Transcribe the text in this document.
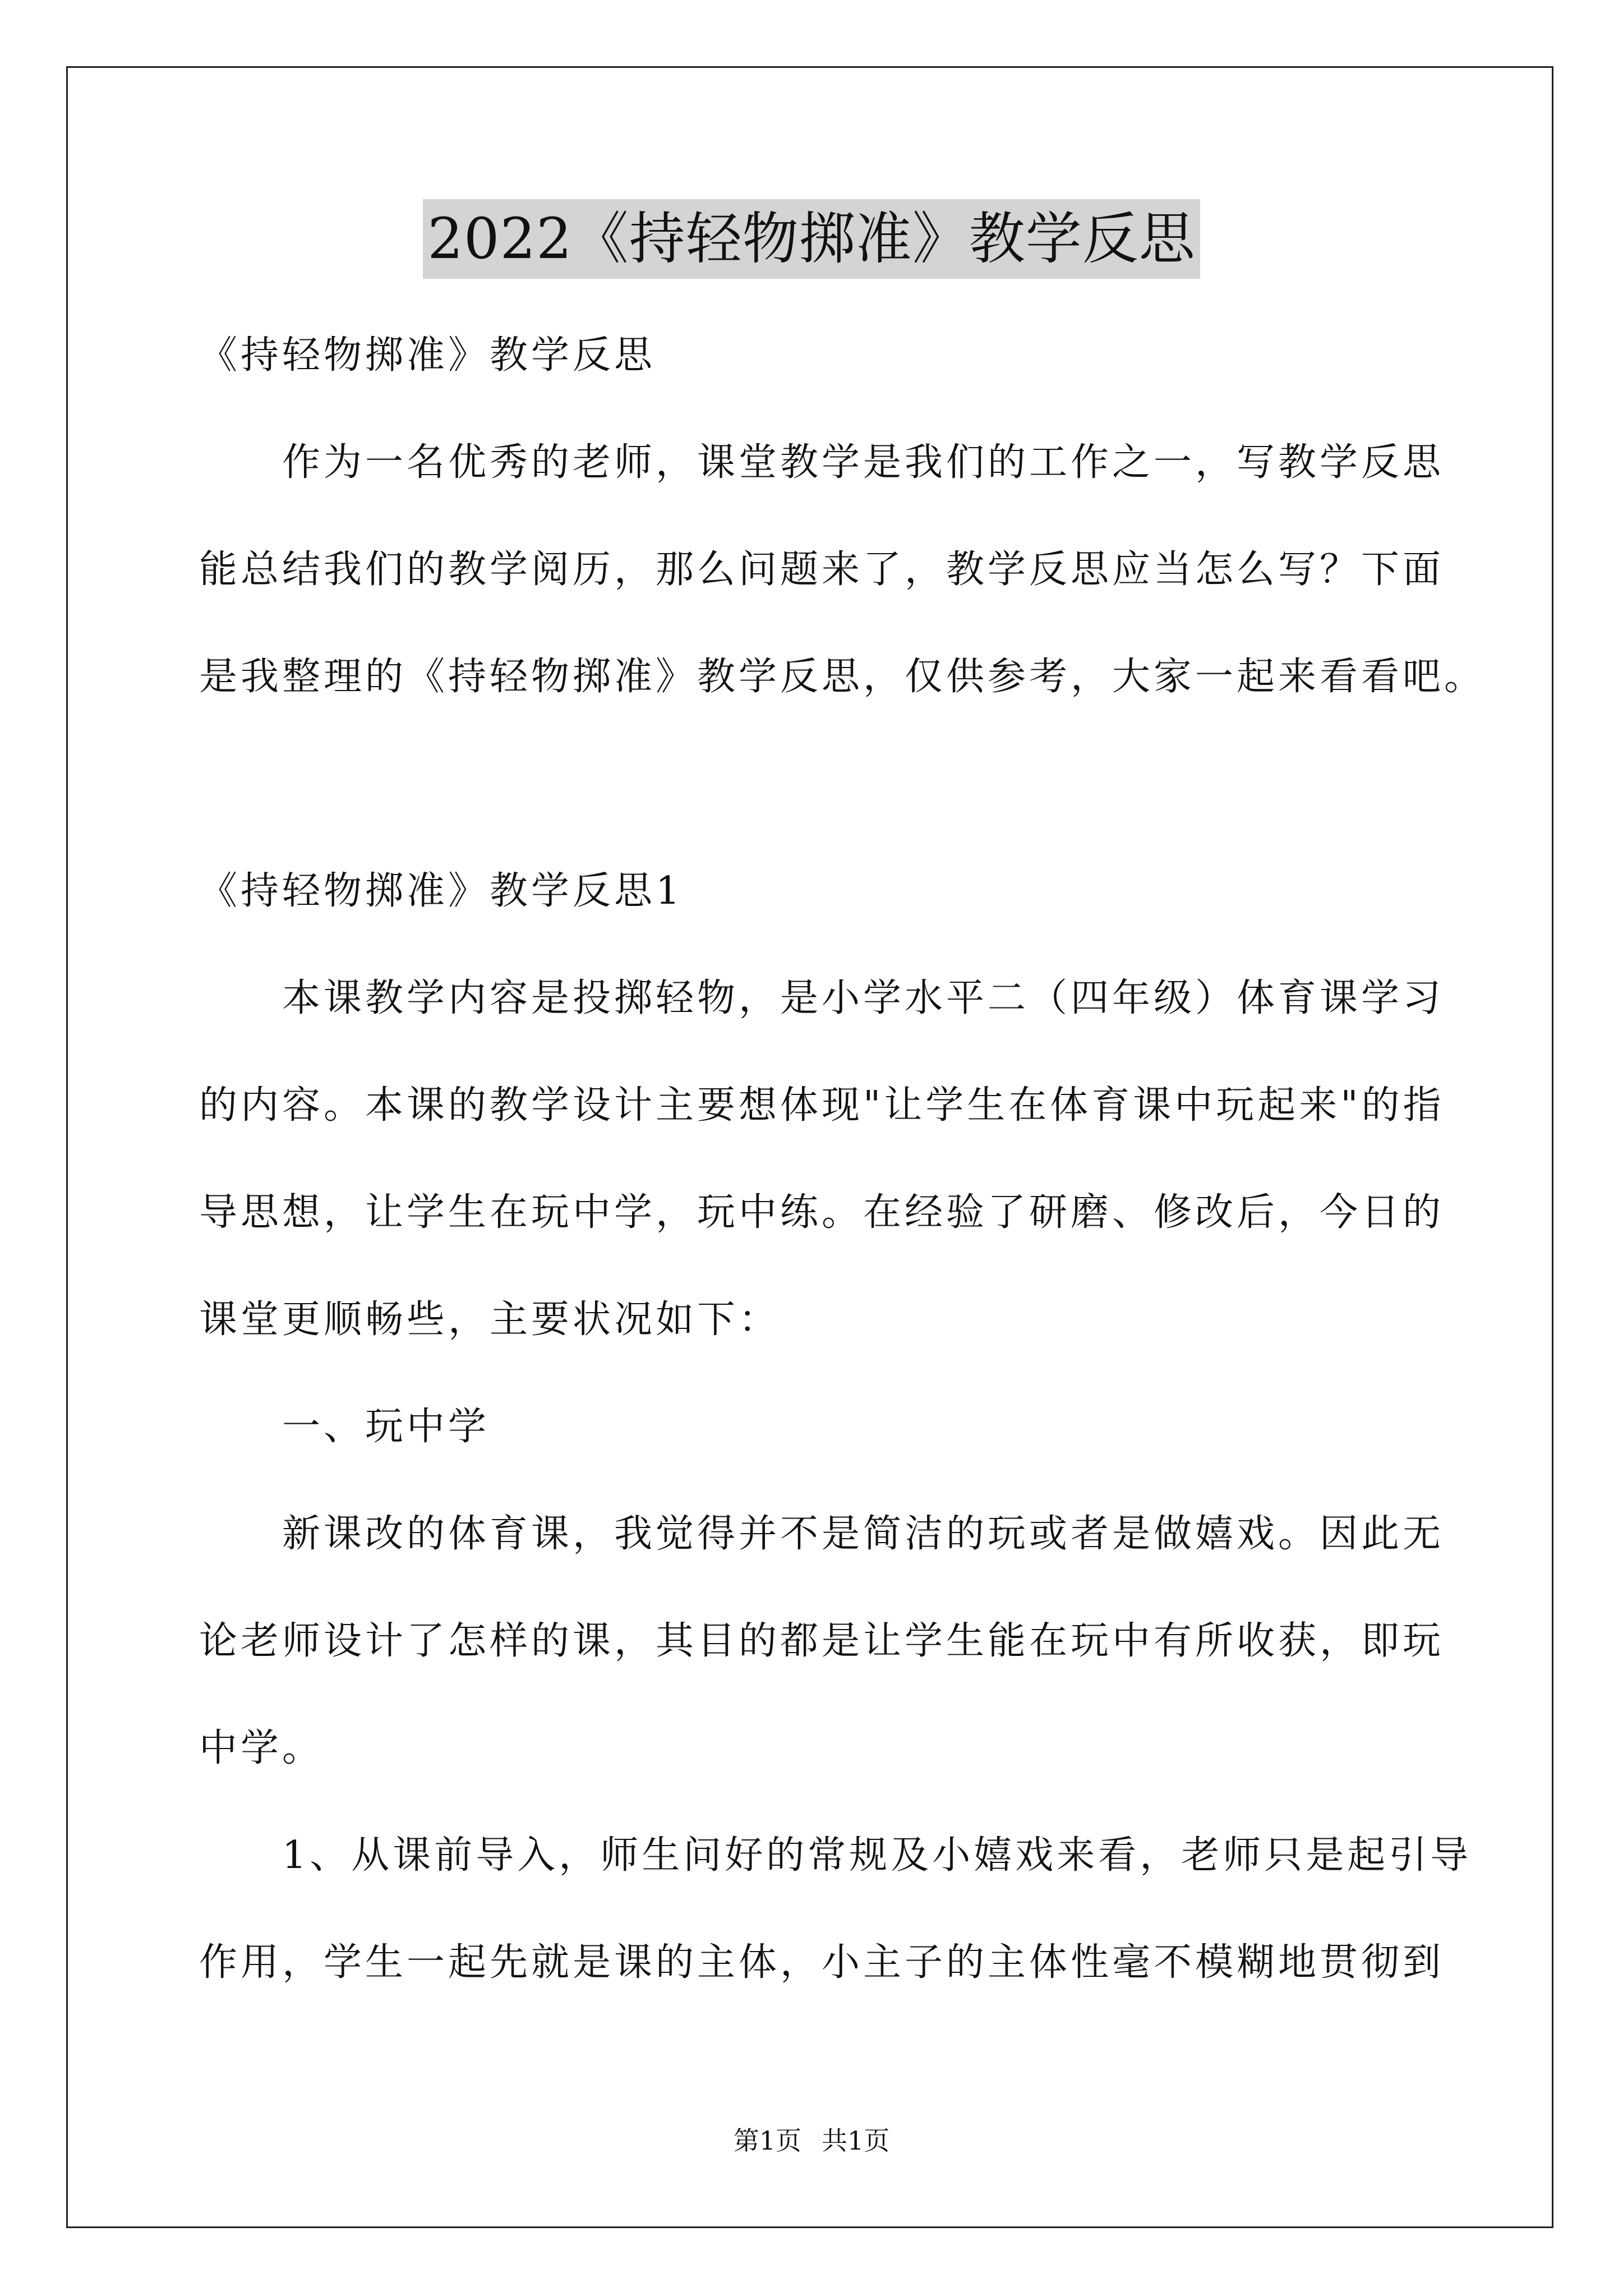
2022《持轻物掷准》教学反思

《持轻物掷准》教学反思

作为一名优秀的老师，课堂教学是我们的工作之一，写教学反思
能总结我们的教学阅历，那么问题来了，教学反思应当怎么写？下面
是我整理的《持轻物掷准》教学反思，仅供参考，大家一起来看看吧。

《持轻物掷准》教学反思1

本课教学内容是投掷轻物，是小学水平二（四年级）体育课学习
的内容。本课的教学设计主要想体现"让学生在体育课中玩起来"的指
导思想，让学生在玩中学，玩中练。在经验了研磨、修改后，今日的
课堂更顺畅些，主要状况如下：

一、玩中学

新课改的体育课，我觉得并不是简洁的玩或者是做嬉戏。因此无
论老师设计了怎样的课，其目的都是让学生能在玩中有所收获，即玩
中学。

1、从课前导入，师生问好的常规及小嬉戏来看，老师只是起引导
作用，学生一起先就是课的主体，小主子的主体性毫不模糊地贯彻到

第1页 共1页
